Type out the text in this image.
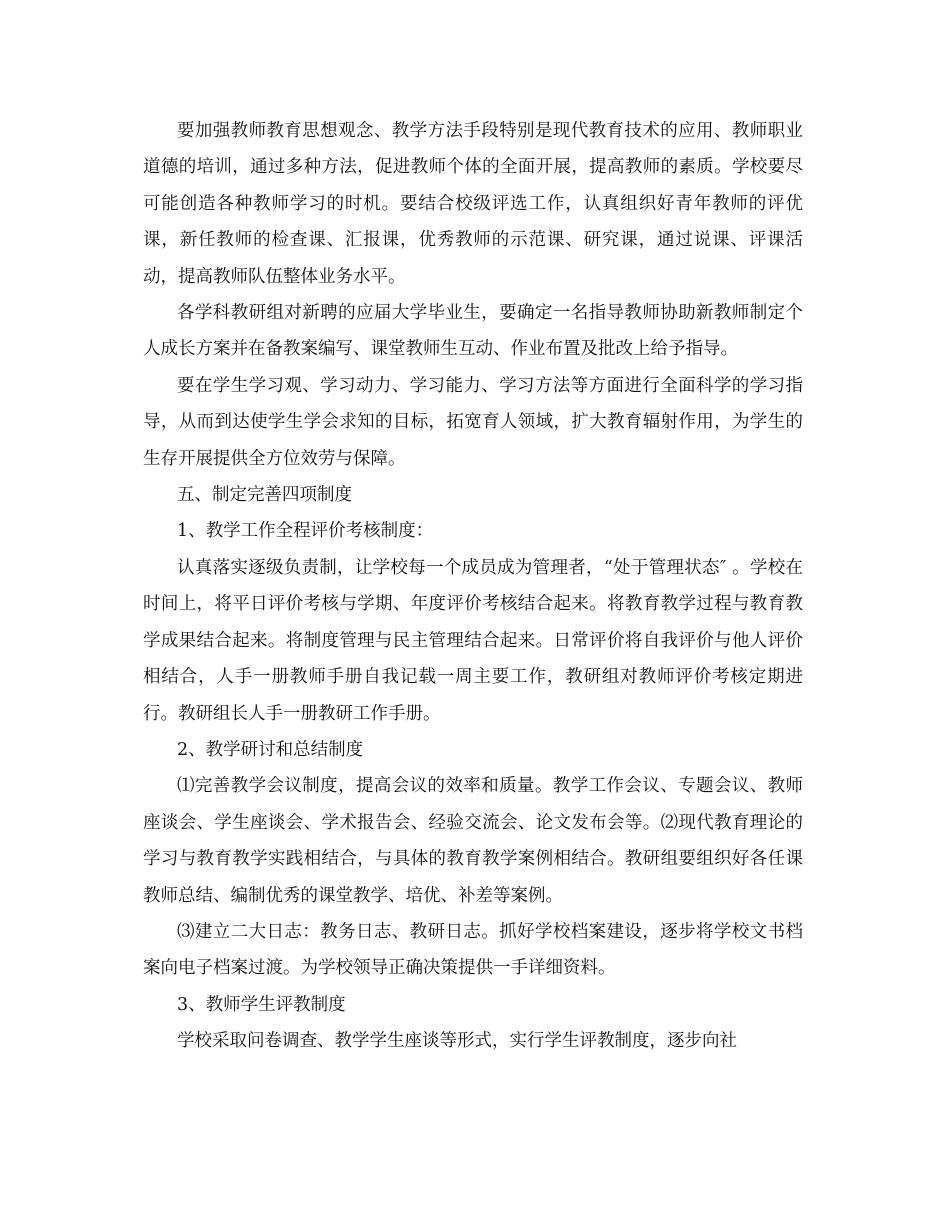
要加强教师教育思想观念、教学方法手段特别是现代教育技术的应用、教师职业道德的培训，通过多种方法，促进教师个体的全面开展，提高教师的素质。学校要尽可能创造各种教师学习的时机。要结合校级评选工作，认真组织好青年教师的评优课，新任教师的检查课、汇报课，优秀教师的示范课、研究课，通过说课、评课活动，提高教师队伍整体业务水平。

各学科教研组对新聘的应届大学毕业生，要确定一名指导教师协助新教师制定个人成长方案并在备教案编写、课堂教师生互动、作业布置及批改上给予指导。

要在学生学习观、学习动力、学习能力、学习方法等方面进行全面科学的学习指导，从而到达使学生学会求知的目标，拓宽育人领域，扩大教育辐射作用，为学生的生存开展提供全方位效劳与保障。

五、制定完善四项制度

1、教学工作全程评价考核制度：

认真落实逐级负责制，让学校每一个成员成为管理者，“处于管理状态″ 。学校在时间上，将平日评价考核与学期、年度评价考核结合起来。将教育教学过程与教育教学成果结合起来。将制度管理与民主管理结合起来。日常评价将自我评价与他人评价相结合，人手一册教师手册自我记载一周主要工作，教研组对教师评价考核定期进行。教研组长人手一册教研工作手册。

2、教学研讨和总结制度

⑴完善教学会议制度，提高会议的效率和质量。教学工作会议、专题会议、教师座谈会、学生座谈会、学术报告会、经验交流会、论文发布会等。⑵现代教育理论的学习与教育教学实践相结合，与具体的教育教学案例相结合。教研组要组织好各任课教师总结、编制优秀的课堂教学、培优、补差等案例。

⑶建立二大日志：教务日志、教研日志。抓好学校档案建设，逐步将学校文书档案向电子档案过渡。为学校领导正确决策提供一手详细资料。

3、教师学生评教制度

学校采取问卷调查、教学学生座谈等形式，实行学生评教制度，逐步向社
